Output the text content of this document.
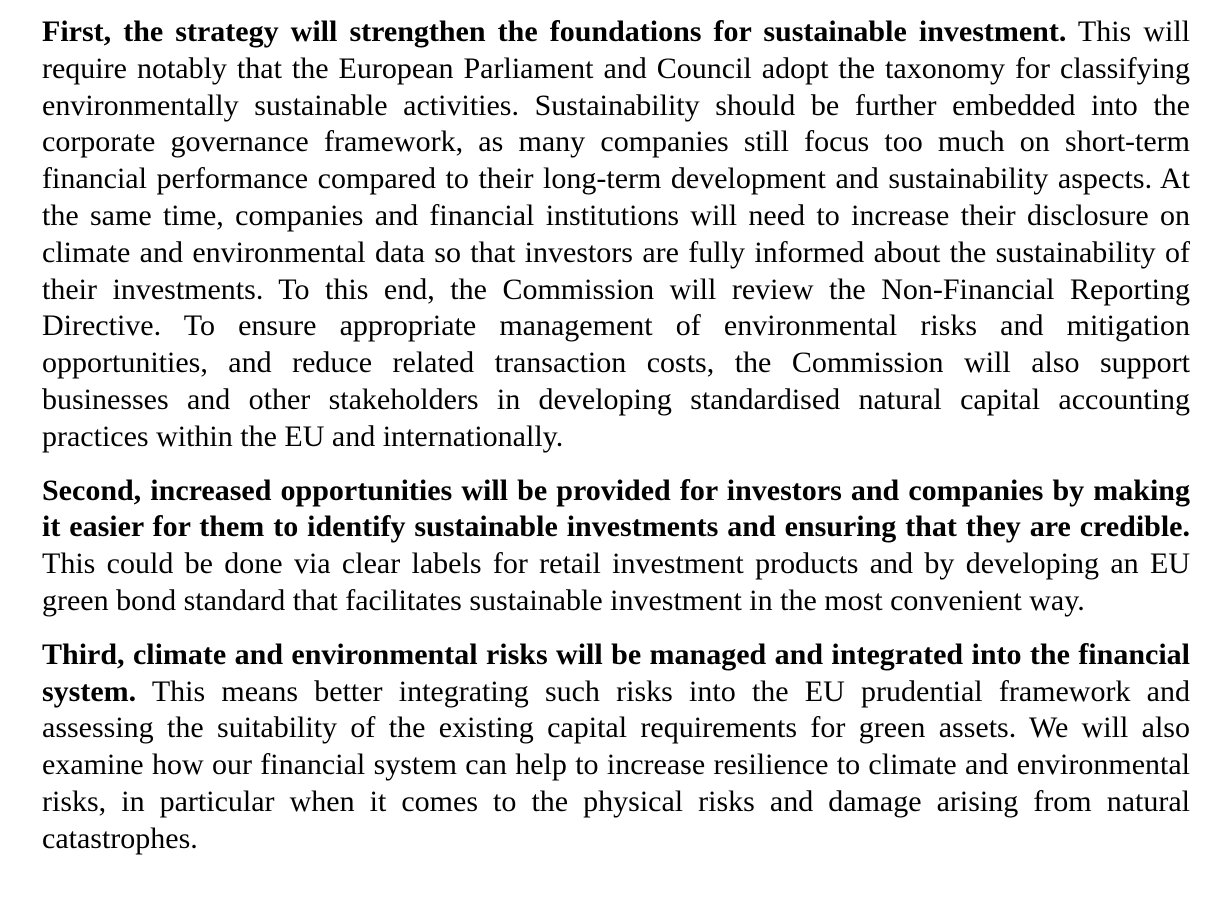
First, the strategy will strengthen the foundations for sustainable investment. This will require notably that the European Parliament and Council adopt the taxonomy for classifying environmentally sustainable activities. Sustainability should be further embedded into the corporate governance framework, as many companies still focus too much on short-term financial performance compared to their long-term development and sustainability aspects. At the same time, companies and financial institutions will need to increase their disclosure on climate and environmental data so that investors are fully informed about the sustainability of their investments. To this end, the Commission will review the Non-Financial Reporting Directive. To ensure appropriate management of environmental risks and mitigation opportunities, and reduce related transaction costs, the Commission will also support businesses and other stakeholders in developing standardised natural capital accounting practices within the EU and internationally.

Second, increased opportunities will be provided for investors and companies by making it easier for them to identify sustainable investments and ensuring that they are credible. This could be done via clear labels for retail investment products and by developing an EU green bond standard that facilitates sustainable investment in the most convenient way.

Third, climate and environmental risks will be managed and integrated into the financial system. This means better integrating such risks into the EU prudential framework and assessing the suitability of the existing capital requirements for green assets. We will also examine how our financial system can help to increase resilience to climate and environmental risks, in particular when it comes to the physical risks and damage arising from natural catastrophes.
